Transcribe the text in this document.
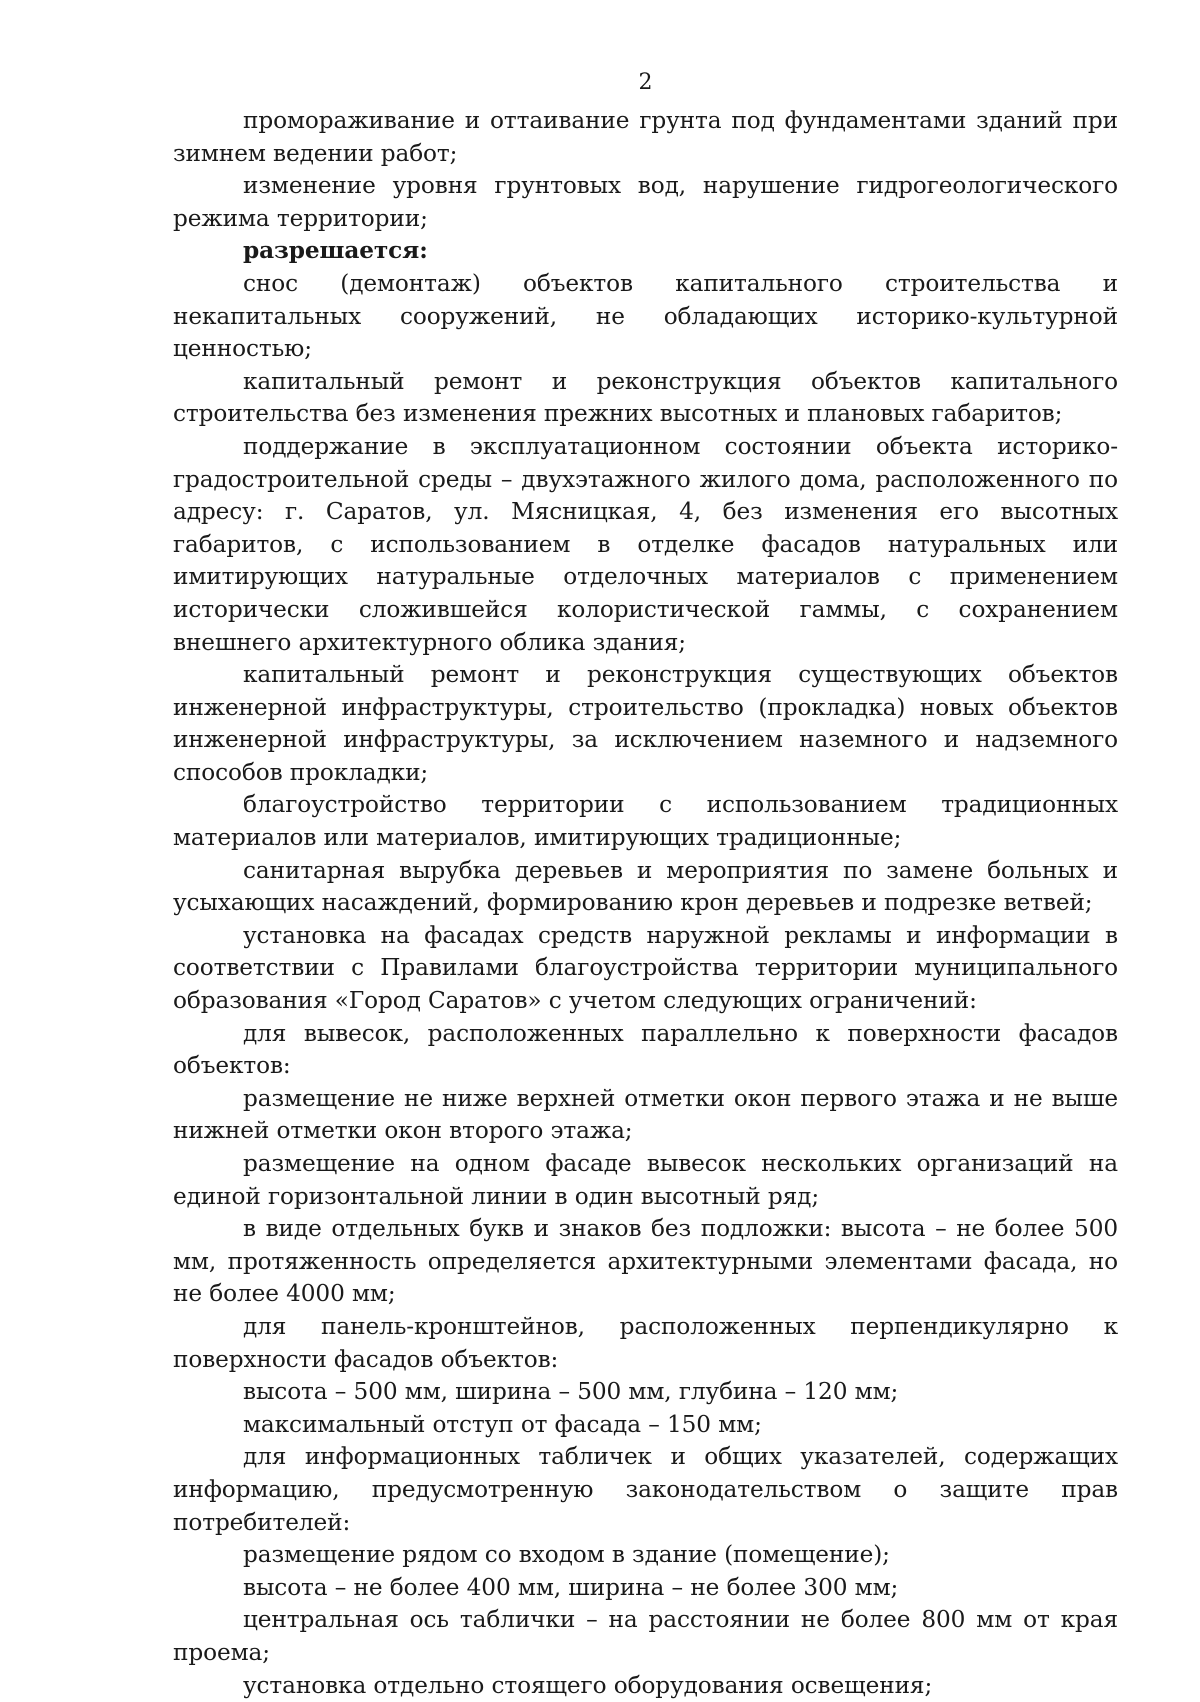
2

промораживание и оттаивание грунта под фундаментами зданий при зимнем ведении работ;

изменение уровня грунтовых вод, нарушение гидрогеологического режима территории;

разрешается:

снос (демонтаж) объектов капитального строительства и некапитальных сооружений, не обладающих историко-культурной ценностью;

капитальный ремонт и реконструкция объектов капитального строительства без изменения прежних высотных и плановых габаритов;

поддержание в эксплуатационном состоянии объекта историко-градостроительной среды – двухэтажного жилого дома, расположенного по адресу: г. Саратов, ул. Мясницкая, 4, без изменения его высотных габаритов, с использованием в отделке фасадов натуральных или имитирующих натуральные отделочных материалов с применением исторически сложившейся колористической гаммы, с сохранением внешнего архитектурного облика здания;

капитальный ремонт и реконструкция существующих объектов инженерной инфраструктуры, строительство (прокладка) новых объектов инженерной инфраструктуры, за исключением наземного и надземного способов прокладки;

благоустройство территории с использованием традиционных материалов или материалов, имитирующих традиционные;

санитарная вырубка деревьев и мероприятия по замене больных и усыхающих насаждений, формированию крон деревьев и подрезке ветвей;

установка на фасадах средств наружной рекламы и информации в соответствии с Правилами благоустройства территории муниципального образования «Город Саратов» с учетом следующих ограничений:

для вывесок, расположенных параллельно к поверхности фасадов объектов:

размещение не ниже верхней отметки окон первого этажа и не выше нижней отметки окон второго этажа;

размещение на одном фасаде вывесок нескольких организаций на единой горизонтальной линии в один высотный ряд;

в виде отдельных букв и знаков без подложки: высота – не более 500 мм, протяженность определяется архитектурными элементами фасада, но не более 4000 мм;

для панель-кронштейнов, расположенных перпендикулярно к поверхности фасадов объектов:

высота – 500 мм, ширина – 500 мм, глубина – 120 мм;

максимальный отступ от фасада – 150 мм;

для информационных табличек и общих указателей, содержащих информацию, предусмотренную законодательством о защите прав потребителей:

размещение рядом со входом в здание (помещение);

высота – не более 400 мм, ширина – не более 300 мм;

центральная ось таблички – на расстоянии не более 800 мм от края проема;

установка отдельно стоящего оборудования освещения;
